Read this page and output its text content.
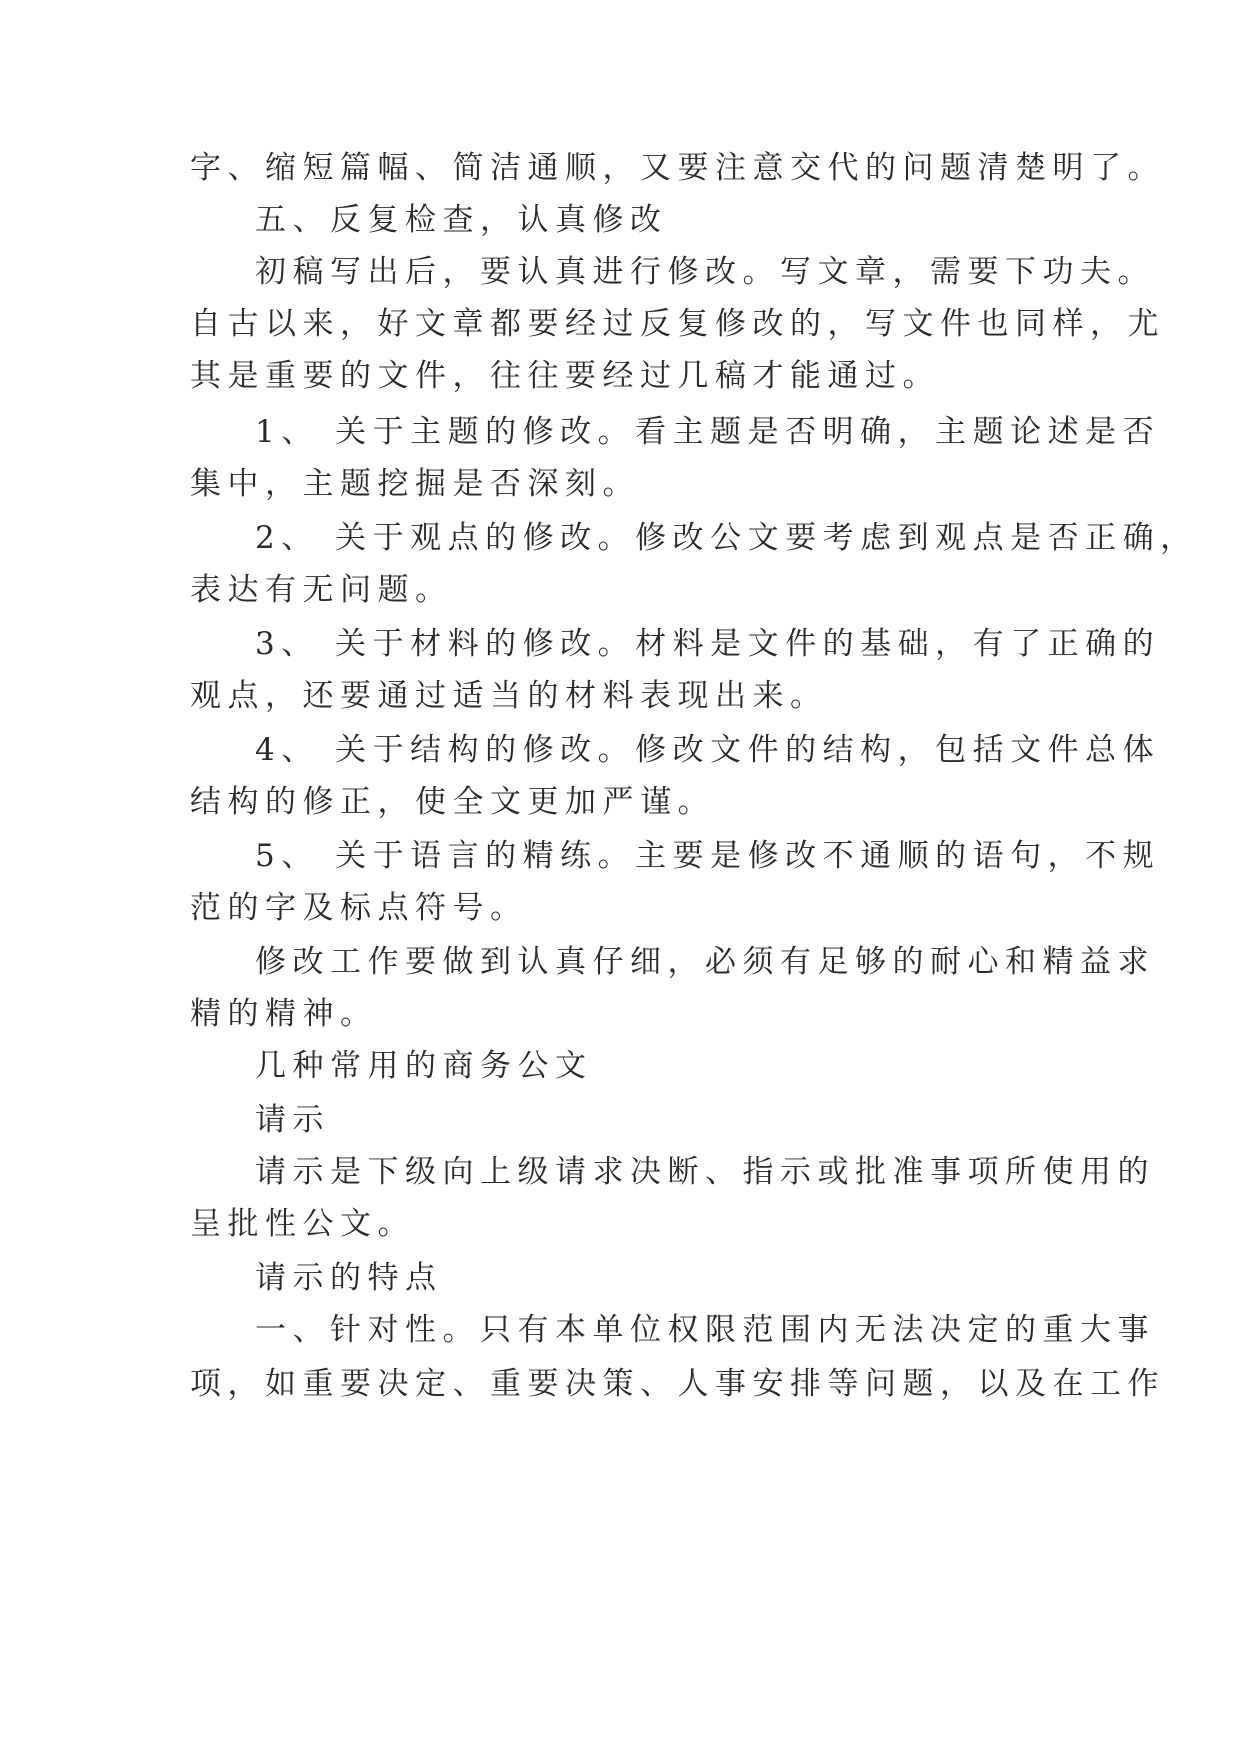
字、缩短篇幅、简洁通顺，又要注意交代的问题清楚明了。
五、反复检查，认真修改
初稿写出后，要认真进行修改。写文章，需要下功夫。
自古以来，好文章都要经过反复修改的，写文件也同样，尤
其是重要的文件，往往要经过几稿才能通过。
1、 关于主题的修改。看主题是否明确，主题论述是否
集中，主题挖掘是否深刻。
2、 关于观点的修改。修改公文要考虑到观点是否正确，
表达有无问题。
3、 关于材料的修改。材料是文件的基础，有了正确的
观点，还要通过适当的材料表现出来。
4、 关于结构的修改。修改文件的结构，包括文件总体
结构的修正，使全文更加严谨。
5、 关于语言的精练。主要是修改不通顺的语句，不规
范的字及标点符号。
修改工作要做到认真仔细，必须有足够的耐心和精益求
精的精神。
几种常用的商务公文
请示
请示是下级向上级请求决断、指示或批准事项所使用的
呈批性公文。
请示的特点
一、针对性。只有本单位权限范围内无法决定的重大事
项，如重要决定、重要决策、人事安排等问题，以及在工作
